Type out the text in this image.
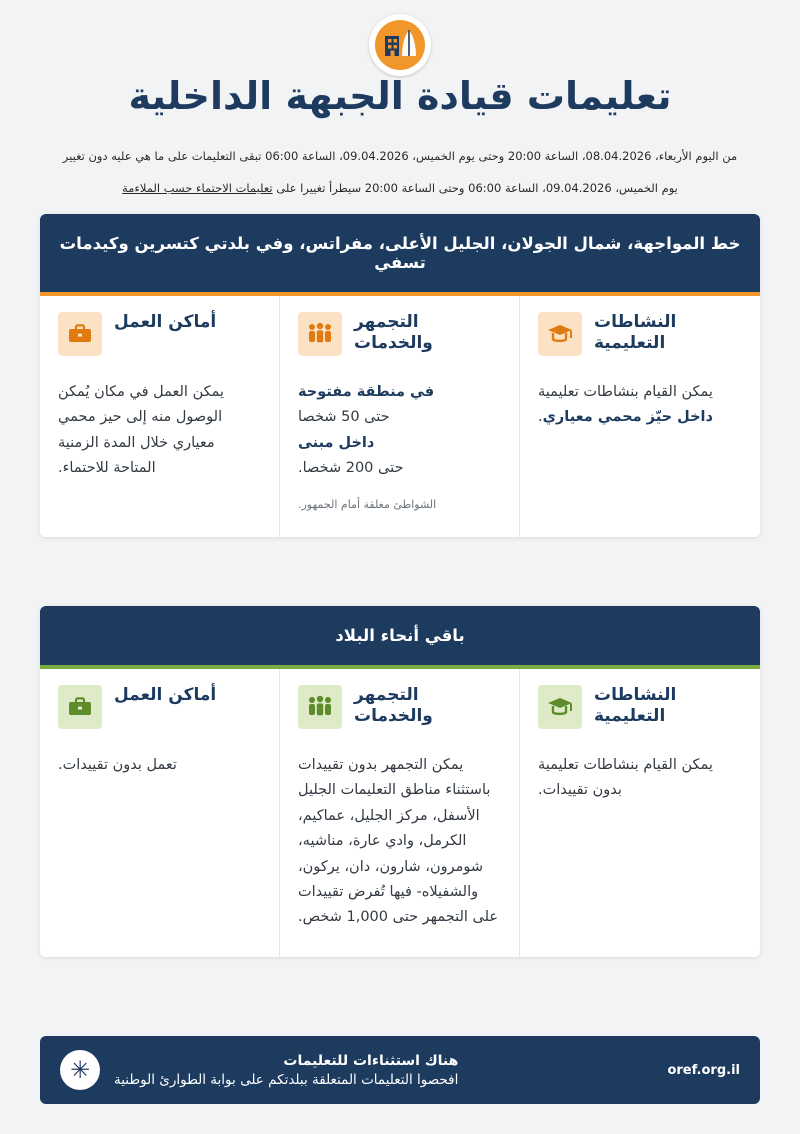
تعليمات قيادة الجبهة الداخلية
من اليوم الأربعاء، 08.04.2026، الساعة 20:00 وحتى يوم الخميس، 09.04.2026، الساعة 06:00 تبقى التعليمات على ما هي عليه دون تغيير
يوم الخميس، 09.04.2026، الساعة 06:00 وحتى الساعة 20:00 سيطرأ تغييرا على تعليمات الاحتماء حسب الملاءمة
خط المواجهة، شمال الجولان، الجليل الأعلى، مفراتس، وفي بلدتي كتسرين وكيدمات تسفي
النشاطات التعليمية
يمكن القيام بنشاطات تعليمية داخل حيّز محمي معياري.
التجمهر والخدمات
في منطقة مفتوحة
حتى 50 شخصا
داخل مبنى
حتى 200 شخصا.
الشواطئ مغلقة أمام الجمهور.
أماكن العمل
يمكن العمل في مكان يُمكن الوصول منه إلى حيز محمي معياري خلال المدة الزمنية المتاحة للاحتماء.
باقي أنحاء البلاد
النشاطات التعليمية
يمكن القيام بنشاطات تعليمية بدون تقييدات.
التجمهر والخدمات
يمكن التجمهر بدون تقييدات باستثناء مناطق التعليمات الجليل الأسفل، مركز الجليل، عماكيم، الكرمل، وادي عارة، مناشيه، شومرون، شارون، دان، يركون، والشفيلاه- فيها تُفرض تقييدات على التجمهر حتى 1,000 شخص.
أماكن العمل
تعمل بدون تقييدات.
oref.org.il
✳	هناك استثناءات للتعليمات
افحصوا التعليمات المتعلقة ببلدتكم على بوابة الطوارئ الوطنية
